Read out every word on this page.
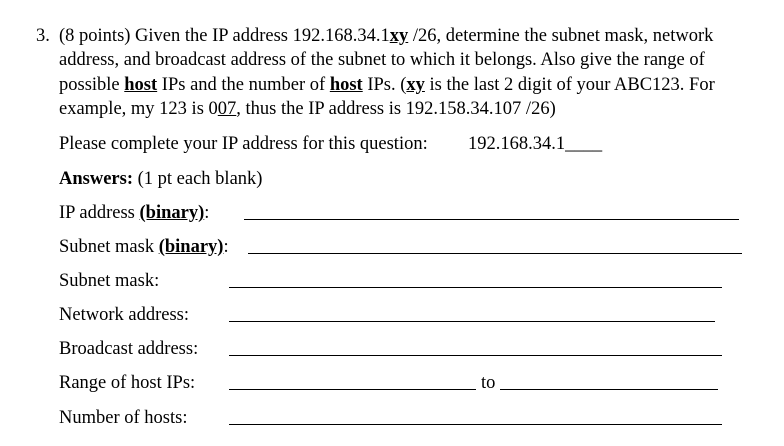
3. (8 points) Given the IP address 192.168.34.1xy /26, determine the subnet mask, network
address, and broadcast address of the subnet to which it belongs. Also give the range of
possible host IPs and the number of host IPs. (xy is the last 2 digit of your ABC123. For
example, my 123 is 007, thus the IP address is 192.158.34.107 /26)
Please complete your IP address for this question: 192.168.34.1____
Answers: (1 pt each blank)
IP address (binary):
Subnet mask (binary):
Subnet mask:
Network address:
Broadcast address:
Range of host IPs:	to
Number of hosts:
